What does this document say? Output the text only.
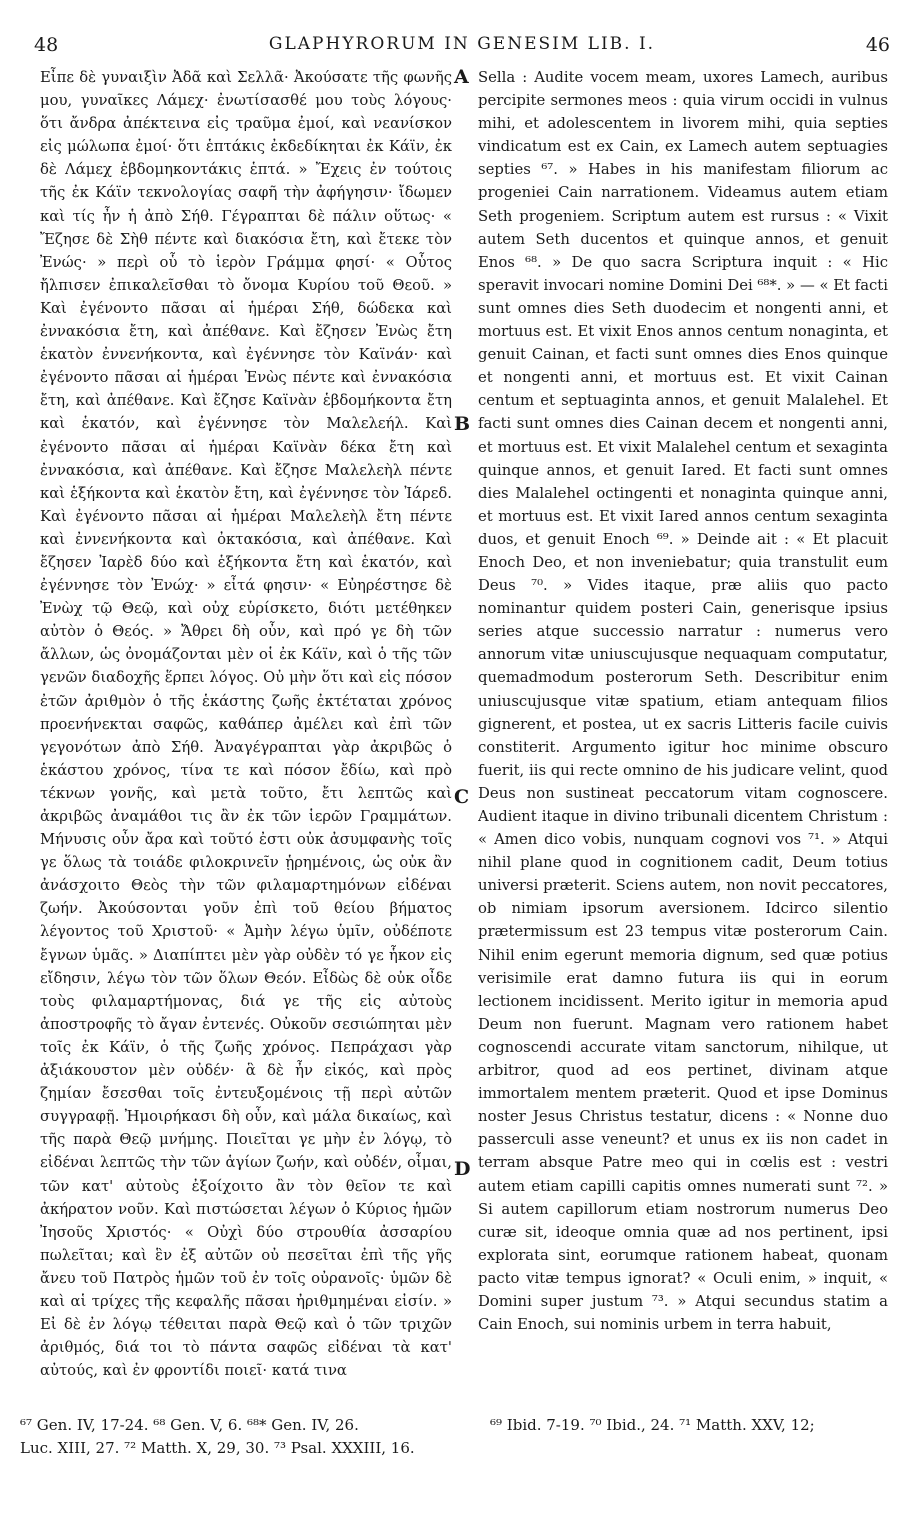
48	GLAPHYRORUM IN GENESIM LIB. I.	46

Εἶπε δὲ γυναιξὶν Ἀδᾶ καὶ Σελλᾶ· Ἀκούσατε τῆς φωνῆς μου, γυναῖκες Λάμεχ· ἐνωτίσασθέ μου τοὺς λόγους· ὅτι ἄνδρα ἀπέκτεινα εἰς τραῦμα ἐμοί, καὶ νεανίσκον εἰς μώλωπα ἐμοί· ὅτι ἑπτάκις ἐκδεδίκηται ἐκ Κάϊν, ἐκ δὲ Λάμεχ ἑβδομηκοντάκις ἑπτά. » Ἔχεις ἐν τούτοις τῆς ἐκ Κάϊν τεκνολογίας σαφῆ τὴν ἀφήγησιν· ἴδωμεν καὶ τίς ἦν ἡ ἀπὸ Σήθ. Γέγραπται δὲ πάλιν οὕτως· « Ἔζησε δὲ Σὴθ πέντε καὶ διακόσια ἔτη, καὶ ἔτεκε τὸν Ἐνώς· » περὶ οὗ τὸ ἱερὸν Γράμμα φησί· « Οὗτος ἤλπισεν ἐπικαλεῖσθαι τὸ ὄνομα Κυρίου τοῦ Θεοῦ. » Καὶ ἐγένοντο πᾶσαι αἱ ἡμέραι Σήθ, δώδεκα καὶ ἐννακόσια ἔτη, καὶ ἀπέθανε. Καὶ ἔζησεν Ἐνὼς ἔτη ἑκατὸν ἐννενήκοντα, καὶ ἐγέννησε τὸν Καϊνάν· καὶ ἐγένοντο πᾶσαι αἱ ἡμέραι Ἐνὼς πέντε καὶ ἐννακόσια ἔτη, καὶ ἀπέθανε. Καὶ ἔζησε Καϊνὰν ἑβδομήκοντα ἔτη καὶ ἑκατόν, καὶ ἐγέννησε τὸν Μαλελεήλ. Καὶ ἐγένοντο πᾶσαι αἱ ἡμέραι Καϊνὰν δέκα ἔτη καὶ ἐννακόσια, καὶ ἀπέθανε. Καὶ ἔζησε Μαλελεὴλ πέντε καὶ ἑξήκοντα καὶ ἑκατὸν ἔτη, καὶ ἐγέννησε τὸν Ἰάρεδ. Καὶ ἐγένοντο πᾶσαι αἱ ἡμέραι Μαλελεὴλ ἔτη πέντε καὶ ἐννενήκοντα καὶ ὀκτακόσια, καὶ ἀπέθανε. Καὶ ἔζησεν Ἰαρὲδ δύο καὶ ἑξήκοντα ἔτη καὶ ἑκατόν, καὶ ἐγέννησε τὸν Ἐνώχ· » εἶτά φησιν· « Εὐηρέστησε δὲ Ἐνὼχ τῷ Θεῷ, καὶ οὐχ εὑρίσκετο, διότι μετέθηκεν αὐτὸν ὁ Θεός. » Ἄθρει δὴ οὖν, καὶ πρό γε δὴ τῶν ἄλλων, ὡς ὀνομάζονται μὲν οἱ ἐκ Κάϊν, καὶ ὁ τῆς τῶν γενῶν διαδοχῆς ἕρπει λόγος. Οὐ μὴν ὅτι καὶ εἰς πόσον ἐτῶν ἀριθμὸν ὁ τῆς ἑκάστης ζωῆς ἐκτέταται χρόνος προενήνεκται σαφῶς, καθάπερ ἀμέλει καὶ ἐπὶ τῶν γεγονότων ἀπὸ Σήθ. Ἀναγέγραπται γὰρ ἀκριβῶς ὁ ἑκάστου χρόνος, τίνα τε καὶ πόσον ἔδίω, καὶ πρὸ τέκνων γονῆς, καὶ μετὰ τοῦτο, ἔτι λεπτῶς καὶ ἀκριβῶς ἀναμάθοι τις ἂν ἐκ τῶν ἱερῶν Γραμμάτων. Μήνυσις οὖν ἄρα καὶ τοῦτό ἐστι οὐκ ἀσυμφανὴς τοῖς γε ὅλως τὰ τοιάδε φιλοκρινεῖν ᾑρημένοις, ὡς οὐκ ἂν ἀνάσχοιτο Θεὸς τὴν τῶν φιλαμαρτημόνων εἰδέναι ζωήν. Ἀκούσονται γοῦν ἐπὶ τοῦ θείου βήματος λέγοντος τοῦ Χριστοῦ· « Ἀμὴν λέγω ὑμῖν, οὐδέποτε ἔγνων ὑμᾶς. » Διαπίπτει μὲν γὰρ οὐδὲν τό γε ἧκον εἰς εἴδησιν, λέγω τὸν τῶν ὅλων Θεόν. Εἶδὼς δὲ οὐκ οἶδε τοὺς φιλαμαρτήμονας, διά γε τῆς εἰς αὐτοὺς ἀποστροφῆς τὸ ἄγαν ἐντενές. Οὐκοῦν σεσιώπηται μὲν τοῖς ἐκ Κάϊν, ὁ τῆς ζωῆς χρόνος. Πεπράχασι γὰρ ἀξιάκουστον μὲν οὐδέν· ἃ δὲ ἦν εἰκός, καὶ πρὸς ζημίαν ἔσεσθαι τοῖς ἐντευξομένοις τῇ περὶ αὐτῶν συγγραφῇ. Ἠμοιρήκασι δὴ οὖν, καὶ μάλα δικαίως, καὶ τῆς παρὰ Θεῷ μνήμης. Ποιεῖται γε μὴν ἐν λόγῳ, τὸ εἰδέναι λεπτῶς τὴν τῶν ἁγίων ζωήν, καὶ οὐδέν, οἶμαι, τῶν κατ' αὐτοὺς ἐξοίχοιτο ἂν τὸν θεῖον τε καὶ ἀκήρατον νοῦν. Καὶ πιστώσεται λέγων ὁ Κύριος ἡμῶν Ἰησοῦς Χριστός· « Οὐχὶ δύο στρουθία ἀσσαρίου πωλεῖται; καὶ ἓν ἐξ αὐτῶν οὐ πεσεῖται ἐπὶ τῆς γῆς ἄνευ τοῦ Πατρὸς ἡμῶν τοῦ ἐν τοῖς οὐρανοῖς· ὑμῶν δὲ καὶ αἱ τρίχες τῆς κεφαλῆς πᾶσαι ἠριθμημέναι εἰσίν. » Εἰ δὲ ἐν λόγῳ τέθειται παρὰ Θεῷ καὶ ὁ τῶν τριχῶν ἀριθμός, διά τοι τὸ πάντα σαφῶς εἰδέναι τὰ κατ' αὐτούς, καὶ ἐν φροντίδι ποιεῖ· κατά τινα

A
B
C
D

Sella : Audite vocem meam, uxores Lamech, auribus percipite sermones meos : quia virum occidi in vulnus mihi, et adolescentem in livorem mihi, quia septies vindicatum est ex Cain, ex Lamech autem septuagies septies ⁶⁷. » Habes in his manifestam filiorum ac progeniei Cain narrationem. Videamus autem etiam Seth progeniem. Scriptum autem est rursus : « Vixit autem Seth ducentos et quinque annos, et genuit Enos ⁶⁸. » De quo sacra Scriptura inquit : « Hic speravit invocari nomine Domini Dei ⁶⁸*. » — « Et facti sunt omnes dies Seth duodecim et nongenti anni, et mortuus est. Et vixit Enos annos centum nonaginta, et genuit Cainan, et facti sunt omnes dies Enos quinque et nongenti anni, et mortuus est. Et vixit Cainan centum et septuaginta annos, et genuit Malalehel. Et facti sunt omnes dies Cainan decem et nongenti anni, et mortuus est. Et vixit Malalehel centum et sexaginta quinque annos, et genuit Iared. Et facti sunt omnes dies Malalehel octingenti et nonaginta quinque anni, et mortuus est. Et vixit Iared annos centum sexaginta duos, et genuit Enoch ⁶⁹. » Deinde ait : « Et placuit Enoch Deo, et non inveniebatur; quia transtulit eum Deus ⁷⁰. » Vides itaque, præ aliis quo pacto nominantur quidem posteri Cain, generisque ipsius series atque successio narratur : numerus vero annorum vitæ uniuscujusque nequaquam computatur, quemadmodum posterorum Seth. Describitur enim uniuscujusque vitæ spatium, etiam antequam filios gignerent, et postea, ut ex sacris Litteris facile cuivis constiterit. Argumento igitur hoc minime obscuro fuerit, iis qui recte omnino de his judicare velint, quod Deus non sustineat peccatorum vitam cognoscere. Audient itaque in divino tribunali dicentem Christum : « Amen dico vobis, nunquam cognovi vos ⁷¹. » Atqui nihil plane quod in cognitionem cadit, Deum totius universi præterit. Sciens autem, non novit peccatores, ob nimiam ipsorum aversionem. Idcirco silentio prætermissum est 23 tempus vitæ posterorum Cain. Nihil enim egerunt memoria dignum, sed quæ potius verisimile erat damno futura iis qui in eorum lectionem incidissent. Merito igitur in memoria apud Deum non fuerunt. Magnam vero rationem habet cognoscendi accurate vitam sanctorum, nihilque, ut arbitror, quod ad eos pertinet, divinam atque immortalem mentem præterit. Quod et ipse Dominus noster Jesus Christus testatur, dicens : « Nonne duo passerculi asse veneunt? et unus ex iis non cadet in terram absque Patre meo qui in cœlis est : vestri autem etiam capilli capitis omnes numerati sunt ⁷². » Si autem capillorum etiam nostrorum numerus Deo curæ sit, ideoque omnia quæ ad nos pertinent, ipsi explorata sint, eorumque rationem habeat, quonam pacto vitæ tempus ignorat? « Oculi enim, » inquit, « Domini super justum ⁷³. » Atqui secundus statim a Cain Enoch, sui nominis urbem in terra habuit,

⁶⁷ Gen. IV, 17-24. ⁶⁸ Gen. V, 6. ⁶⁸* Gen. IV, 26.	⁶⁹ Ibid. 7-19. ⁷⁰ Ibid., 24. ⁷¹ Matth. XXV, 12;
Luc. XIII, 27. ⁷² Matth. X, 29, 30. ⁷³ Psal. XXXIII, 16.
